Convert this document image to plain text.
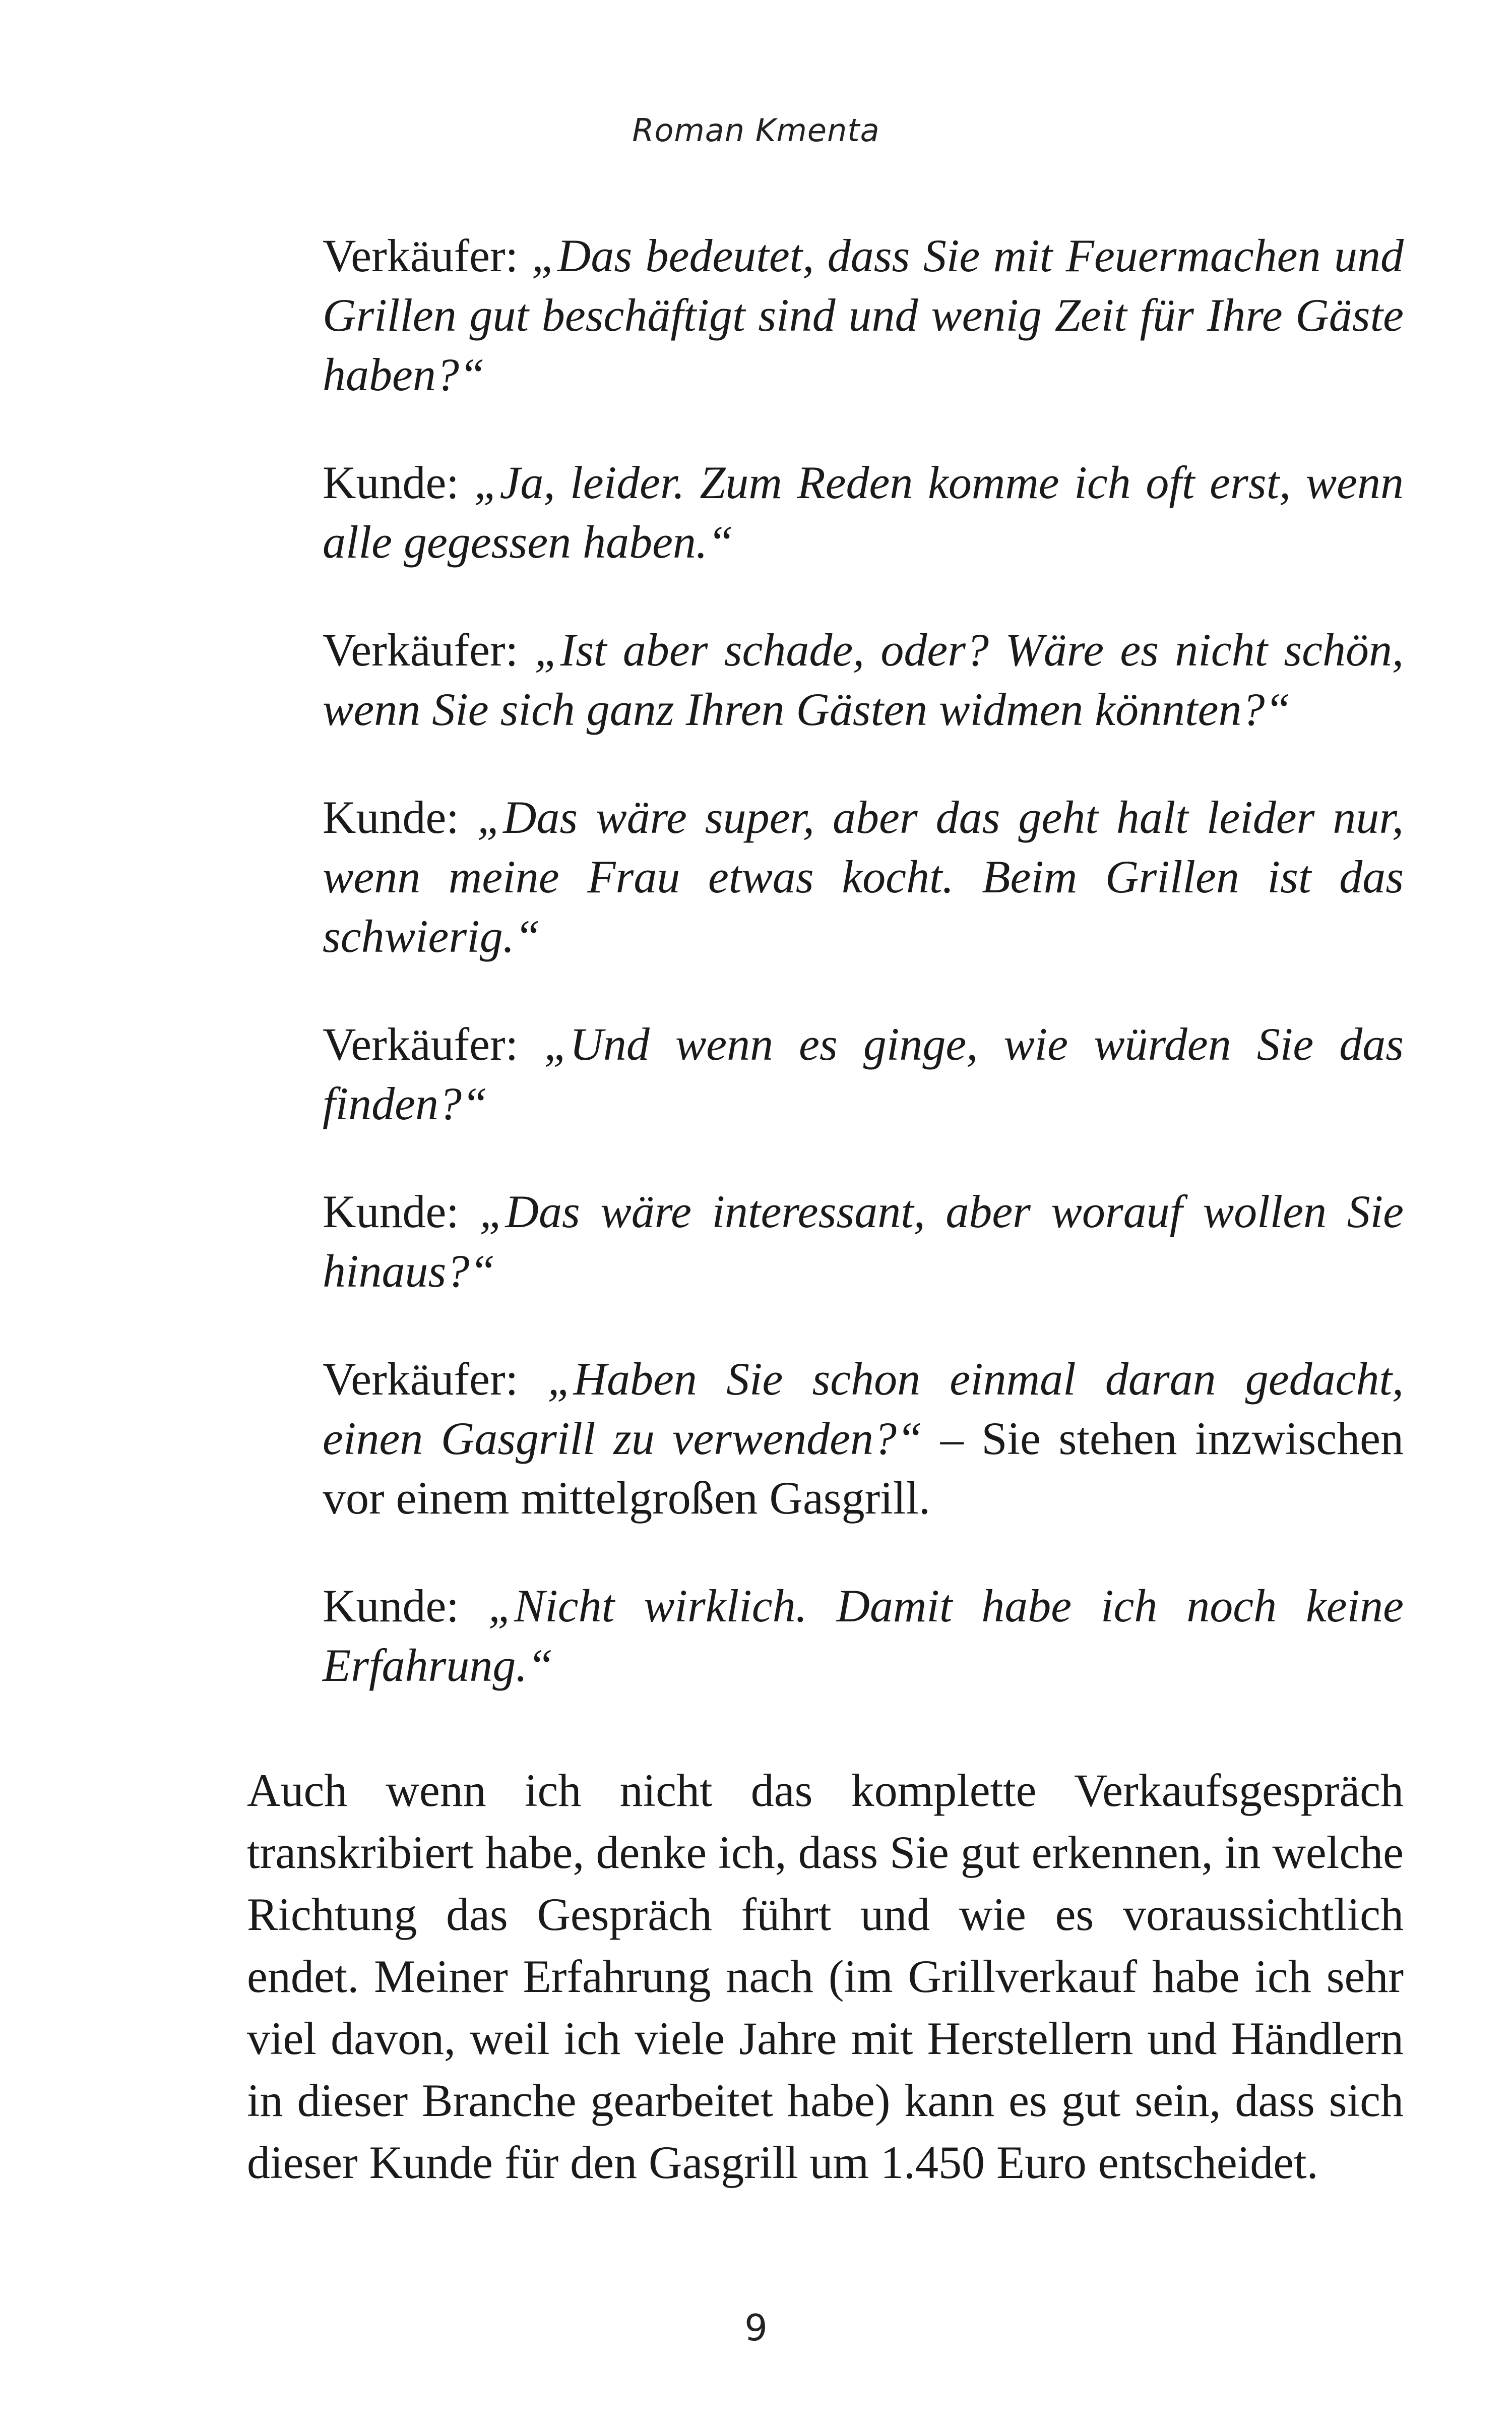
Roman Kmenta

Verkäufer: „Das bedeutet, dass Sie mit Feuermachen und Grillen gut beschäftigt sind und wenig Zeit für Ihre Gäste haben?“

Kunde: „Ja, leider. Zum Reden komme ich oft erst, wenn alle gegessen haben.“

Verkäufer: „Ist aber schade, oder? Wäre es nicht schön, wenn Sie sich ganz Ihren Gästen widmen könnten?“

Kunde: „Das wäre super, aber das geht halt leider nur, wenn meine Frau etwas kocht. Beim Grillen ist das schwierig.“

Verkäufer: „Und wenn es ginge, wie würden Sie das finden?“

Kunde: „Das wäre interessant, aber worauf wollen Sie hinaus?“

Verkäufer: „Haben Sie schon einmal daran gedacht, einen Gasgrill zu verwenden?“ – Sie stehen inzwischen vor einem mittelgroßen Gasgrill.

Kunde: „Nicht wirklich. Damit habe ich noch keine Erfahrung.“

Auch wenn ich nicht das komplette Verkaufsgespräch transkribiert habe, denke ich, dass Sie gut erkennen, in welche Richtung das Gespräch führt und wie es voraussichtlich endet. Meiner Erfahrung nach (im Grillverkauf habe ich sehr viel davon, weil ich viele Jahre mit Herstellern und Händlern in dieser Branche gearbeitet habe) kann es gut sein, dass sich dieser Kunde für den Gasgrill um 1.450 Euro entscheidet.

9
